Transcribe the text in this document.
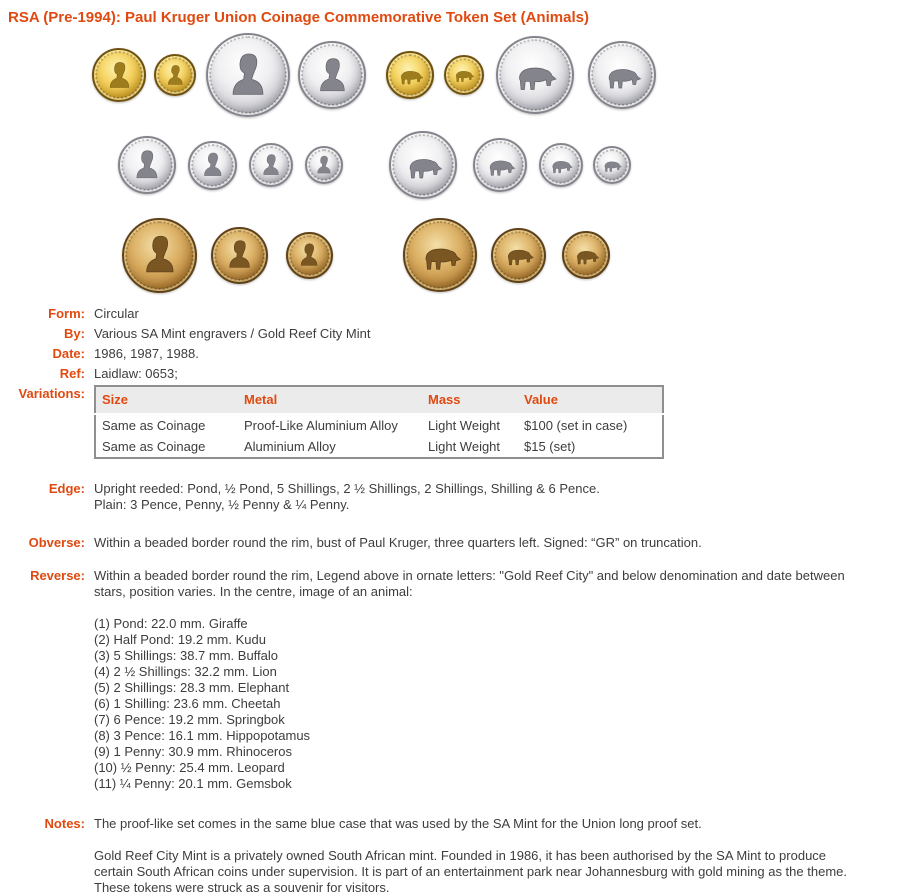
RSA (Pre-1994): Paul Kruger Union Coinage Commemorative Token Set (Animals)
Form: Circular
By: Various SA Mint engravers / Gold Reef City Mint
Date: 1986, 1987, 1988.
Ref: Laidlaw: 0653;
Variations: Size	Metal	Mass	Value
Same as Coinage	Proof-Like Aluminium Alloy	Light Weight	$100 (set in case)
Same as Coinage	Aluminium Alloy	Light Weight	$15 (set)
Edge: Upright reeded: Pond, ½ Pond, 5 Shillings, 2 ½ Shillings, 2 Shillings, Shilling & 6 Pence.
Plain: 3 Pence, Penny, ½ Penny & ¼ Penny.
Obverse: Within a beaded border round the rim, bust of Paul Kruger, three quarters left. Signed: “GR” on truncation.
Reverse: Within a beaded border round the rim, Legend above in ornate letters: "Gold Reef City" and below denomination and date between
stars, position varies. In the centre, image of an animal:
(1) Pond: 22.0 mm. Giraffe
(2) Half Pond: 19.2 mm. Kudu
(3) 5 Shillings: 38.7 mm. Buffalo
(4) 2 ½ Shillings: 32.2 mm. Lion
(5) 2 Shillings: 28.3 mm. Elephant
(6) 1 Shilling: 23.6 mm. Cheetah
(7) 6 Pence: 19.2 mm. Springbok
(8) 3 Pence: 16.1 mm. Hippopotamus
(9) 1 Penny: 30.9 mm. Rhinoceros
(10) ½ Penny: 25.4 mm. Leopard
(11) ¼ Penny: 20.1 mm. Gemsbok
Notes: The proof-like set comes in the same blue case that was used by the SA Mint for the Union long proof set.
Gold Reef City Mint is a privately owned South African mint. Founded in 1986, it has been authorised by the SA Mint to produce
certain South African coins under supervision. It is part of an entertainment park near Johannesburg with gold mining as the theme.
These tokens were struck as a souvenir for visitors.
